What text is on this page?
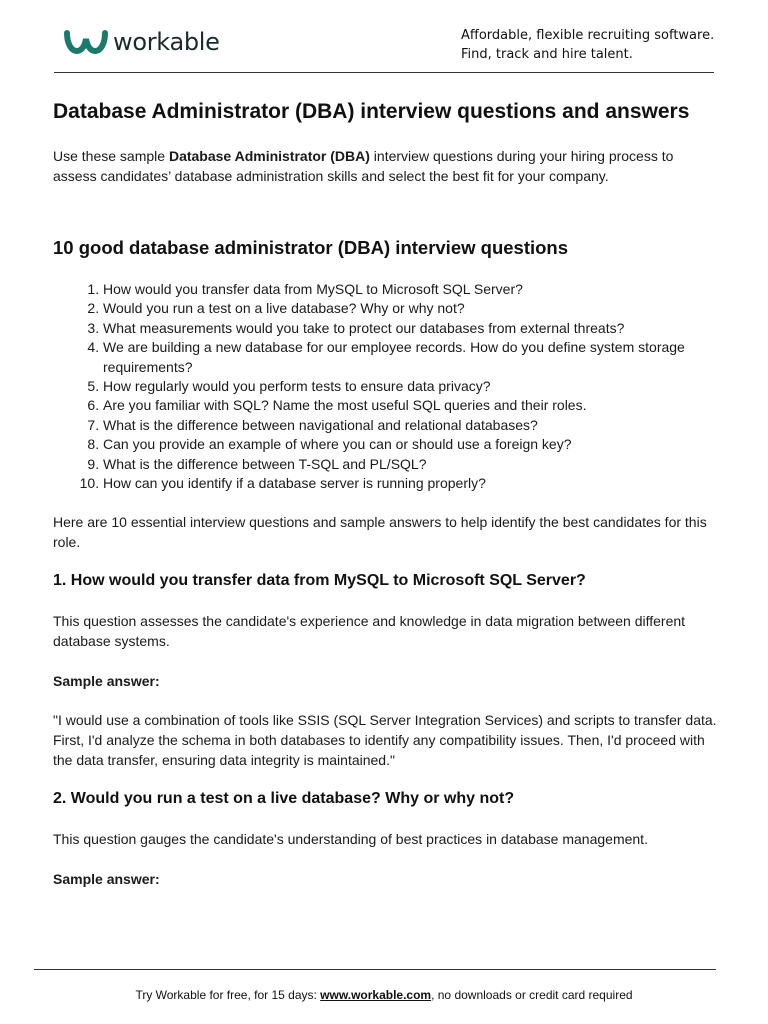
workable	Affordable, flexible recruiting software.
Find, track and hire talent.
Database Administrator (DBA) interview questions and answers

Use these sample Database Administrator (DBA) interview questions during your hiring process to assess candidates’ database administration skills and select the best fit for your company.

10 good database administrator (DBA) interview questions
1. How would you transfer data from MySQL to Microsoft SQL Server?
2. Would you run a test on a live database? Why or why not?
3. What measurements would you take to protect our databases from external threats?
4. We are building a new database for our employee records. How do you define system storage requirements?
5. How regularly would you perform tests to ensure data privacy?
6. Are you familiar with SQL? Name the most useful SQL queries and their roles.
7. What is the difference between navigational and relational databases?
8. Can you provide an example of where you can or should use a foreign key?
9. What is the difference between T-SQL and PL/SQL?
10. How can you identify if a database server is running properly?

Here are 10 essential interview questions and sample answers to help identify the best candidates for this role.

1. How would you transfer data from MySQL to Microsoft SQL Server?

This question assesses the candidate's experience and knowledge in data migration between different database systems.

Sample answer:

"I would use a combination of tools like SSIS (SQL Server Integration Services) and scripts to transfer data. First, I'd analyze the schema in both databases to identify any compatibility issues. Then, I'd proceed with the data transfer, ensuring data integrity is maintained."

2. Would you run a test on a live database? Why or why not?

This question gauges the candidate's understanding of best practices in database management.

Sample answer:

Try Workable for free, for 15 days: www.workable.com, no downloads or credit card required
